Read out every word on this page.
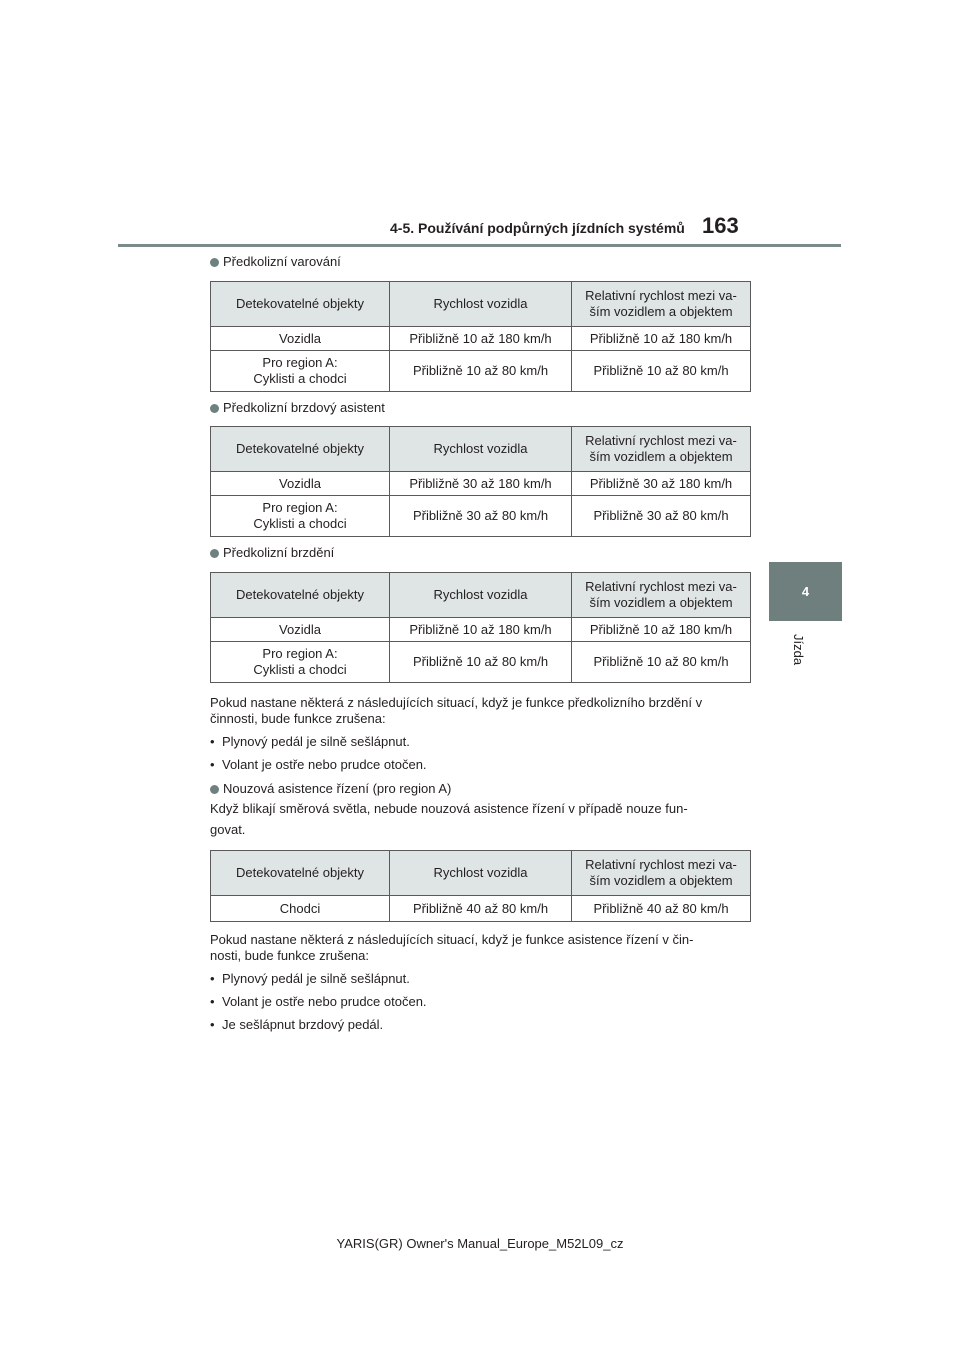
4-5. Používání podpůrných jízdních systémů 163
4
Jízda

Předkolizní varování

Detekovatelné objekty	Rychlost vozidla	Relativní rychlost mezi va-
ším vozidlem a objektem
Vozidla	Přibližně 10 až 180 km/h	Přibližně 10 až 180 km/h
Pro region A:
Cyklisti a chodci	Přibližně 10 až 80 km/h	Přibližně 10 až 80 km/h

Předkolizní brzdový asistent

Detekovatelné objekty	Rychlost vozidla	Relativní rychlost mezi va-
ším vozidlem a objektem
Vozidla	Přibližně 30 až 180 km/h	Přibližně 30 až 180 km/h
Pro region A:
Cyklisti a chodci	Přibližně 30 až 80 km/h	Přibližně 30 až 80 km/h

Předkolizní brzdění

Detekovatelné objekty	Rychlost vozidla	Relativní rychlost mezi va-
ším vozidlem a objektem
Vozidla	Přibližně 10 až 180 km/h	Přibližně 10 až 180 km/h
Pro region A:
Cyklisti a chodci	Přibližně 10 až 80 km/h	Přibližně 10 až 80 km/h

Pokud nastane některá z následujících situací, když je funkce předkolizního brzdění v činnosti, bude funkce zrušena:

• Plynový pedál je silně sešlápnut.

• Volant je ostře nebo prudce otočen.

Nouzová asistence řízení (pro region A)

Když blikají směrová světla, nebude nouzová asistence řízení v případě nouze fun-
govat.

Detekovatelné objekty	Rychlost vozidla	Relativní rychlost mezi va-
ším vozidlem a objektem
Chodci	Přibližně 40 až 80 km/h	Přibližně 40 až 80 km/h

Pokud nastane některá z následujících situací, když je funkce asistence řízení v čin-
nosti, bude funkce zrušena:

• Plynový pedál je silně sešlápnut.

• Volant je ostře nebo prudce otočen.

• Je sešlápnut brzdový pedál.

YARIS(GR) Owner's Manual_Europe_M52L09_cz
